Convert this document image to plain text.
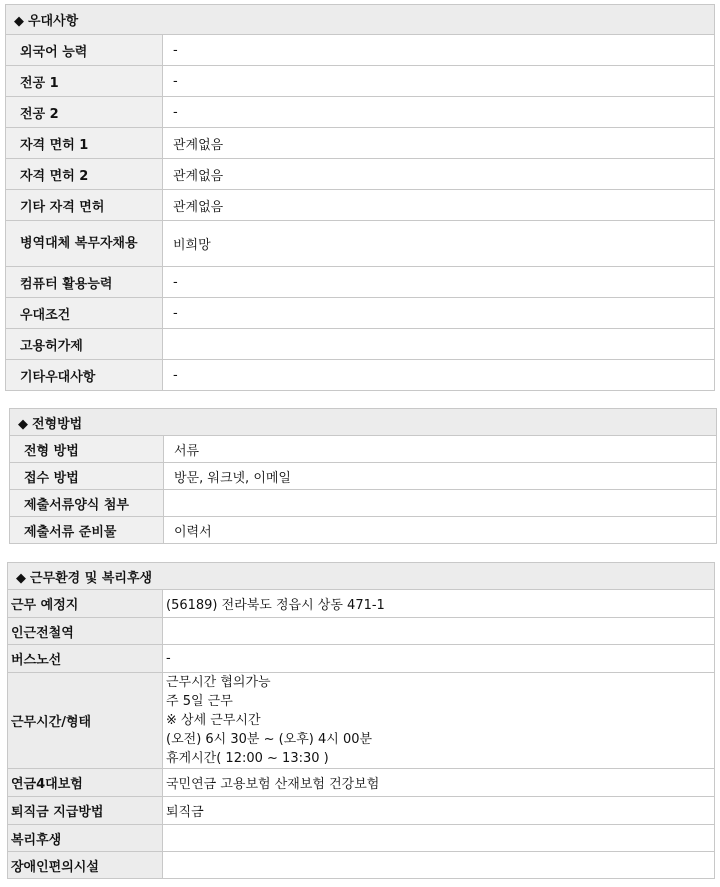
◆ 우대사항	
외국어 능력	-
전공 1	-
전공 2	-
자격 면허 1	관계없음
자격 면허 2	관계없음
기타 자격 면허	관계없음
병역대체 복무자채용	비희망
컴퓨터 활용능력	-
우대조건	-
고용허가제	
기타우대사항	-
◆ 전형방법	
전형 방법	서류
접수 방법	방문, 워크넷, 이메일
제출서류양식 첨부	
제출서류 준비물	이력서
◆ 근무환경 및 복리후생	
근무 예정지	(56189) 전라북도 정읍시 상동 471-1
인근전철역	
버스노선	-
근무시간/형태	근무시간 협의가능
주 5일 근무
※ 상세 근무시간
(오전) 6시 30분 ~ (오후) 4시 00분
휴게시간( 12:00 ~ 13:30 )

연금4대보험	국민연금 고용보험 산재보험 건강보험
퇴직금 지급방법	퇴직금
복리후생	
장애인편의시설	
